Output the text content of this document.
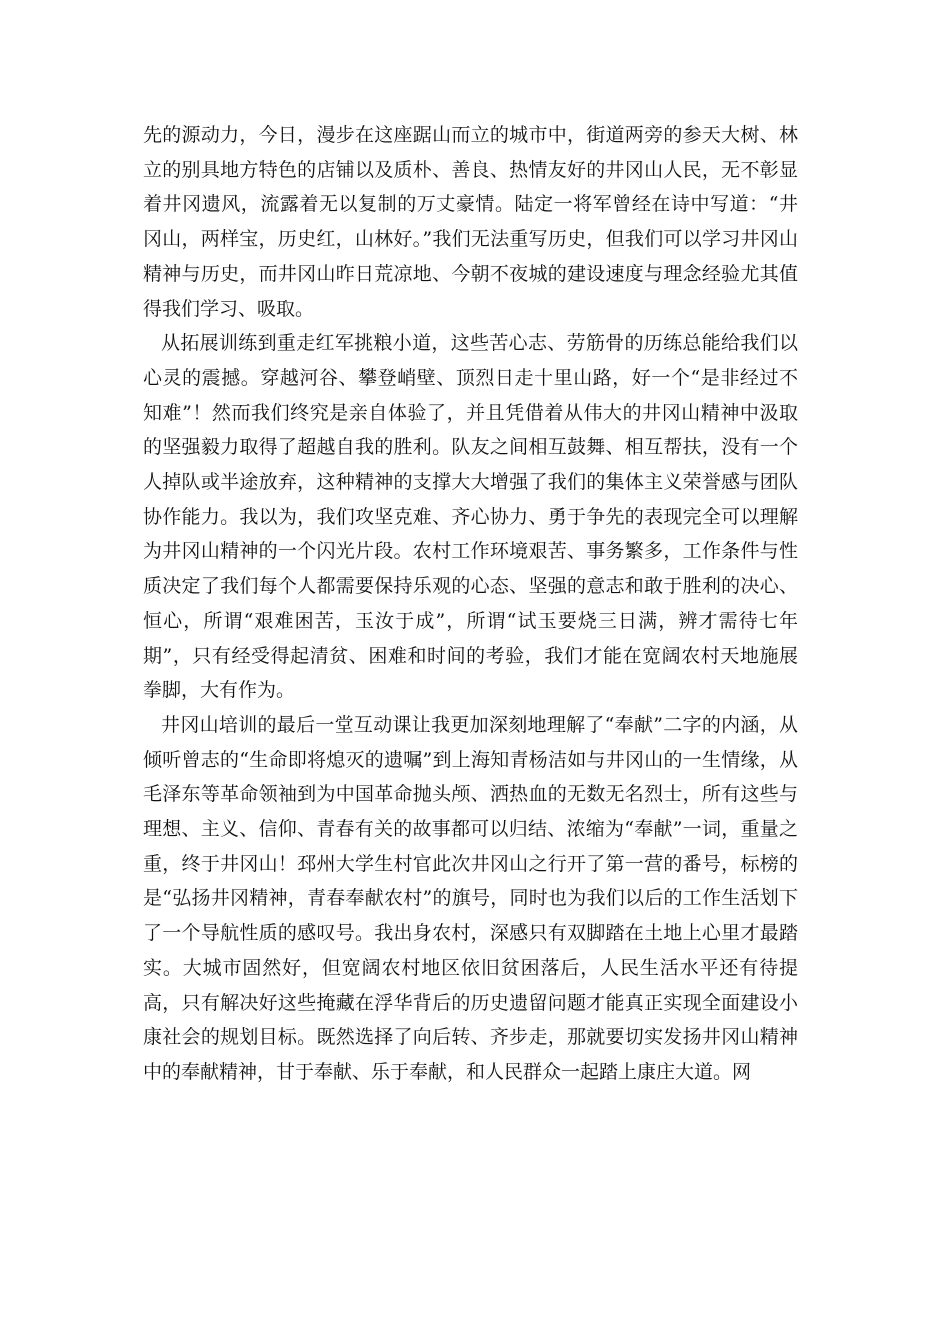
先的源动力，今日，漫步在这座踞山而立的城市中，街道两旁的参天大树、林立的别具地方特色的店铺以及质朴、善良、热情友好的井冈山人民，无不彰显着井冈遗风，流露着无以复制的万丈豪情。陆定一将军曾经在诗中写道：“井冈山，两样宝，历史红，山林好。”我们无法重写历史，但我们可以学习井冈山精神与历史，而井冈山昨日荒凉地、今朝不夜城的建设速度与理念经验尤其值得我们学习、吸取。

从拓展训练到重走红军挑粮小道，这些苦心志、劳筋骨的历练总能给我们以心灵的震撼。穿越河谷、攀登峭壁、顶烈日走十里山路，好一个“是非经过不知难”！然而我们终究是亲自体验了，并且凭借着从伟大的井冈山精神中汲取的坚强毅力取得了超越自我的胜利。队友之间相互鼓舞、相互帮扶，没有一个人掉队或半途放弃，这种精神的支撑大大增强了我们的集体主义荣誉感与团队协作能力。我以为，我们攻坚克难、齐心协力、勇于争先的表现完全可以理解为井冈山精神的一个闪光片段。农村工作环境艰苦、事务繁多，工作条件与性质决定了我们每个人都需要保持乐观的心态、坚强的意志和敢于胜利的决心、恒心，所谓“艰难困苦，玉汝于成”，所谓“试玉要烧三日满，辨才需待七年期”，只有经受得起清贫、困难和时间的考验，我们才能在宽阔农村天地施展拳脚，大有作为。

井冈山培训的最后一堂互动课让我更加深刻地理解了“奉献”二字的内涵，从倾听曾志的“生命即将熄灭的遗嘱”到上海知青杨洁如与井冈山的一生情缘，从毛泽东等革命领袖到为中国革命抛头颅、洒热血的无数无名烈士，所有这些与理想、主义、信仰、青春有关的故事都可以归结、浓缩为“奉献”一词，重量之重，终于井冈山！邳州大学生村官此次井冈山之行开了第一营的番号，标榜的是“弘扬井冈精神，青春奉献农村”的旗号，同时也为我们以后的工作生活划下了一个导航性质的感叹号。我出身农村，深感只有双脚踏在土地上心里才最踏实。大城市固然好，但宽阔农村地区依旧贫困落后，人民生活水平还有待提高，只有解决好这些掩藏在浮华背后的历史遗留问题才能真正实现全面建设小康社会的规划目标。既然选择了向后转、齐步走，那就要切实发扬井冈山精神中的奉献精神，甘于奉献、乐于奉献，和人民群众一起踏上康庄大道。网
